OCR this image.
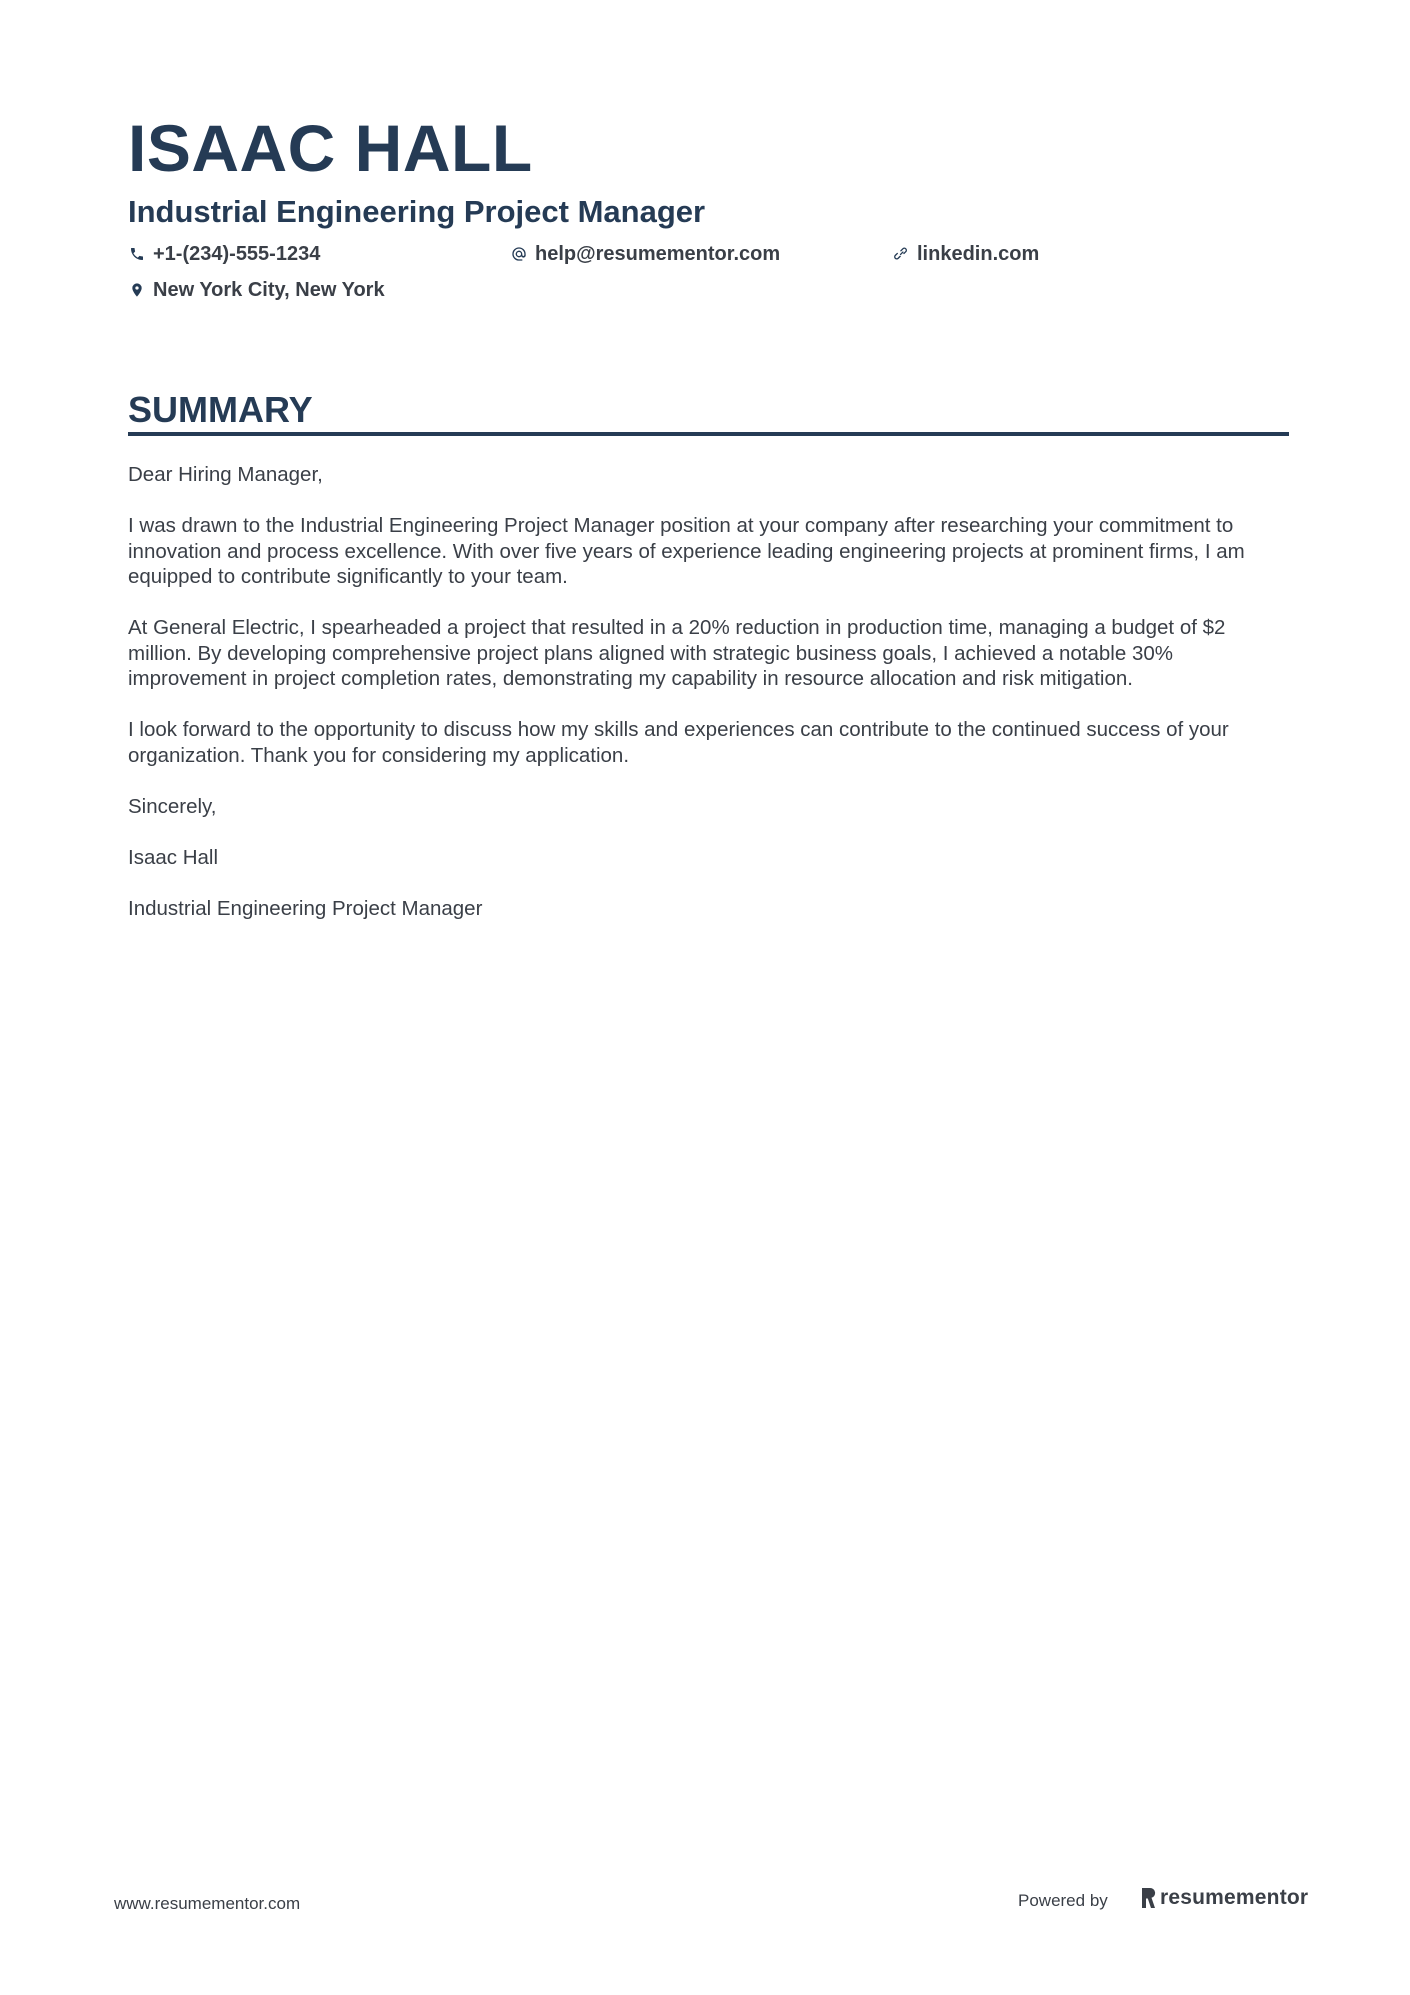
ISAAC HALL
Industrial Engineering Project Manager
+1-(234)-555-1234	help@resumementor.com	linkedin.com
New York City, New York
SUMMARY

Dear Hiring Manager,

I was drawn to the Industrial Engineering Project Manager position at your company after researching your commitment to innovation and process excellence. With over five years of experience leading engineering projects at prominent firms, I am equipped to contribute significantly to your team.

At General Electric, I spearheaded a project that resulted in a 20% reduction in production time, managing a budget of $2 million. By developing comprehensive project plans aligned with strategic business goals, I achieved a notable 30% improvement in project completion rates, demonstrating my capability in resource allocation and risk mitigation.

I look forward to the opportunity to discuss how my skills and experiences can contribute to the continued success of your organization. Thank you for considering my application.

Sincerely,

Isaac Hall

Industrial Engineering Project Manager

www.resumementor.com	Powered by resumementor
